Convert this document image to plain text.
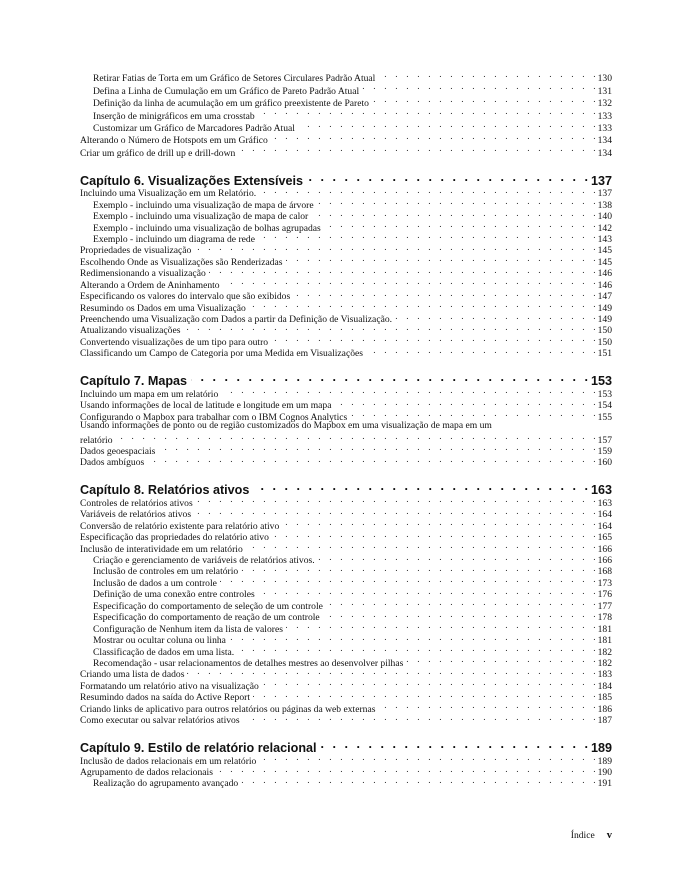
Retirar Fatias de Torta em um Gráfico de Setores Circulares Padrão Atual . . .	130
Defina a Linha de Cumulação em um Gráfico de Pareto Padrão Atual . . .	131
Definição da linha de acumulação em um gráfico preexistente de Pareto . . .	132
Inserção de minigráficos em uma crosstab . . .	133
Customizar um Gráfico de Marcadores Padrão Atual . . .	133
Alterando o Número de Hotspots em um Gráfico . . .	134
Criar um gráfico de drill up e drill-down . . .	134
Capítulo 6. Visualizações Extensíveis . . .	137
Incluindo uma Visualização em um Relatório. . . .	137
Exemplo - incluindo uma visualização de mapa de árvore . . .	138
Exemplo - incluindo uma visualização de mapa de calor . . .	140
Exemplo - incluindo uma visualização de bolhas agrupadas . . .	142
Exemplo - incluindo um diagrama de rede . . .	143
Propriedades de visualização . . .	145
Escolhendo Onde as Visualizações são Renderizadas . . .	145
Redimensionando a visualização . . .	146
Alterando a Ordem de Aninhamento . . .	146
Especificando os valores do intervalo que são exibidos . . .	147
Resumindo os Dados em uma Visualização . . .	149
Preenchendo uma Visualização com Dados a partir da Definição de Visualização. . . .	149
Atualizando visualizações . . .	150
Convertendo visualizações de um tipo para outro . . .	150
Classificando um Campo de Categoria por uma Medida em Visualizações . . .	151
Capítulo 7. Mapas . . .	153
Incluindo um mapa em um relatório . . .	153
Usando informações de local de latitude e longitude em um mapa . . .	154
Configurando o Mapbox para trabalhar com o IBM Cognos Analytics . . .	155
Usando informações de ponto ou de região customizados do Mapbox em uma visualização de mapa em um
relatório . . .	157
Dados geoespaciais . . .	159
Dados ambíguos . . .	160
Capítulo 8. Relatórios ativos . . .	163
Controles de relatórios ativos . . .	163
Variáveis de relatórios ativos . . .	164
Conversão de relatório existente para relatório ativo . . .	164
Especificação das propriedades do relatório ativo . . .	165
Inclusão de interatividade em um relatório . . .	166
Criação e gerenciamento de variáveis de relatórios ativos. . . .	166
Inclusão de controles em um relatório . . .	168
Inclusão de dados a um controle . . .	173
Definição de uma conexão entre controles . . .	176
Especificação do comportamento de seleção de um controle . . .	177
Especificação do comportamento de reação de um controle . . .	178
Configuração de Nenhum item da lista de valores . . .	181
Mostrar ou ocultar coluna ou linha . . .	181
Classificação de dados em uma lista. . . .	182
Recomendação - usar relacionamentos de detalhes mestres ao desenvolver pilhas . . .	182
Criando uma lista de dados . . .	183
Formatando um relatório ativo na visualização . . .	184
Resumindo dados na saída do Active Report . . .	185
Criando links de aplicativo para outros relatórios ou páginas da web externas . . .	186
Como executar ou salvar relatórios ativos . . .	187
Capítulo 9. Estilo de relatório relacional . . .	189
Inclusão de dados relacionais em um relatório . . .	189
Agrupamento de dados relacionais . . .	190
Realização do agrupamento avançado . . .	191
Índice v
